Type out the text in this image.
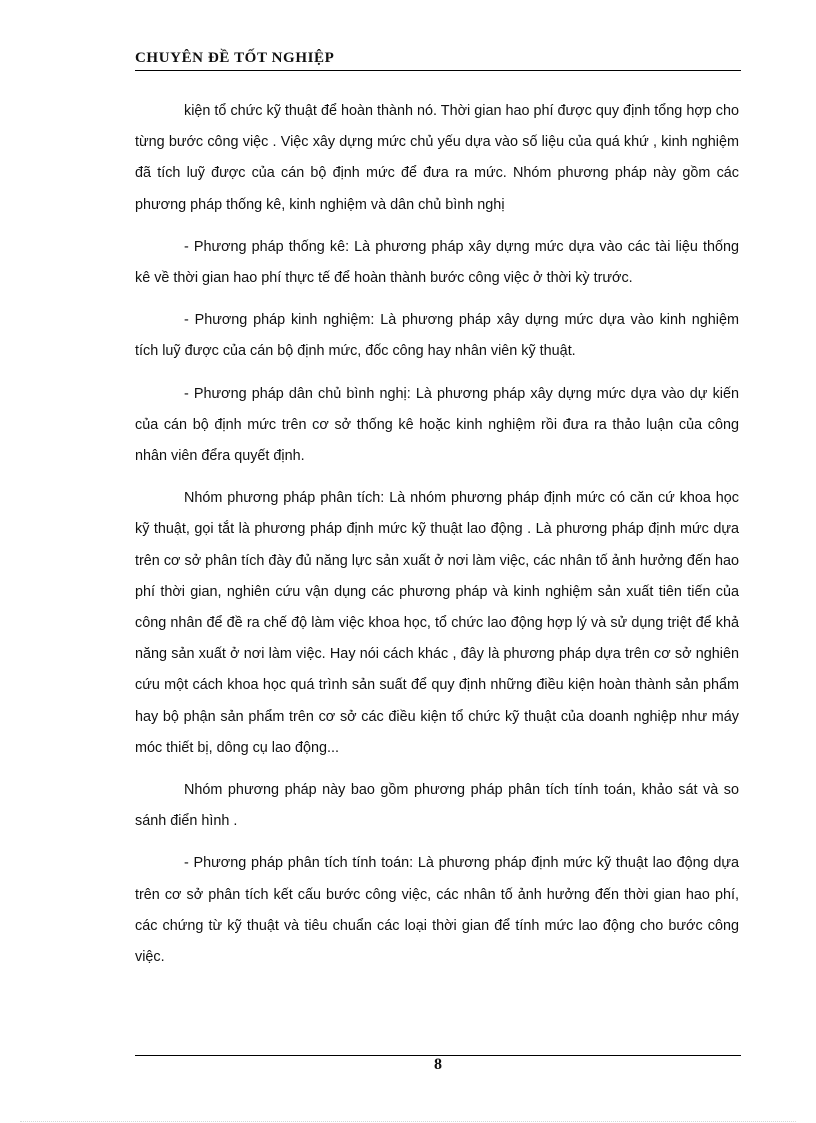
CHUYÊN ĐỀ TỐT NGHIỆP

kiện tổ chức kỹ thuật để hoàn thành nó. Thời gian hao phí được quy định tổng hợp cho từng bước công việc . Việc xây dựng mức chủ yếu dựa vào số liệu của quá khứ , kinh nghiệm đã tích luỹ được của cán bộ định mức để đưa ra mức. Nhóm phương pháp này gồm các phương pháp thống kê, kinh nghiệm và dân chủ bình nghị

- Phương pháp thống kê: Là phương pháp xây dựng mức dựa vào các tài liệu thống kê về thời gian hao phí thực tế để hoàn thành bước công việc ở thời kỳ trước.

- Phương pháp kinh nghiệm: Là phương pháp xây dựng mức dựa vào kinh nghiệm tích luỹ được của cán bộ định mức, đốc công hay nhân viên kỹ thuật.

- Phương pháp dân chủ bình nghị: Là phương pháp xây dựng mức dựa vào dự kiến của cán bộ định mức trên cơ sở thống kê hoặc kinh nghiệm rồi đưa ra thảo luận của công nhân viên đểra quyết định.

Nhóm phương pháp phân tích: Là nhóm phương pháp định mức có căn cứ khoa học kỹ thuật, gọi tắt là phương pháp định mức kỹ thuật lao động . Là phương pháp định mức dựa trên cơ sở phân tích đày đủ năng lực sản xuất ở nơi làm việc, các nhân tố ảnh hưởng đến hao phí thời gian, nghiên cứu vận dụng các phương pháp và kinh nghiệm sản xuất tiên tiến của công nhân để đề ra chế độ làm việc khoa học, tổ chức lao động hợp lý và sử dụng triệt để khả năng sản xuất ở nơi làm việc. Hay nói cách khác , đây là phương pháp dựa trên cơ sở nghiên cứu một cách khoa học quá trình sản suất để quy định những điều kiện hoàn thành sản phẩm hay bộ phận sản phẩm trên cơ sở các điều kiện tổ chức kỹ thuật của doanh nghiệp như máy móc thiết bị, dông cụ lao động...

Nhóm phương pháp này bao gồm phương pháp phân tích tính toán, khảo sát và so sánh điển hình .

- Phương pháp phân tích tính toán: Là phương pháp định mức kỹ thuật lao động dựa trên cơ sở phân tích kết cấu bước công việc, các nhân tố ảnh hưởng đến thời gian hao phí, các chứng từ kỹ thuật và tiêu chuẩn các loại thời gian để tính mức lao động cho bước công việc.

8
